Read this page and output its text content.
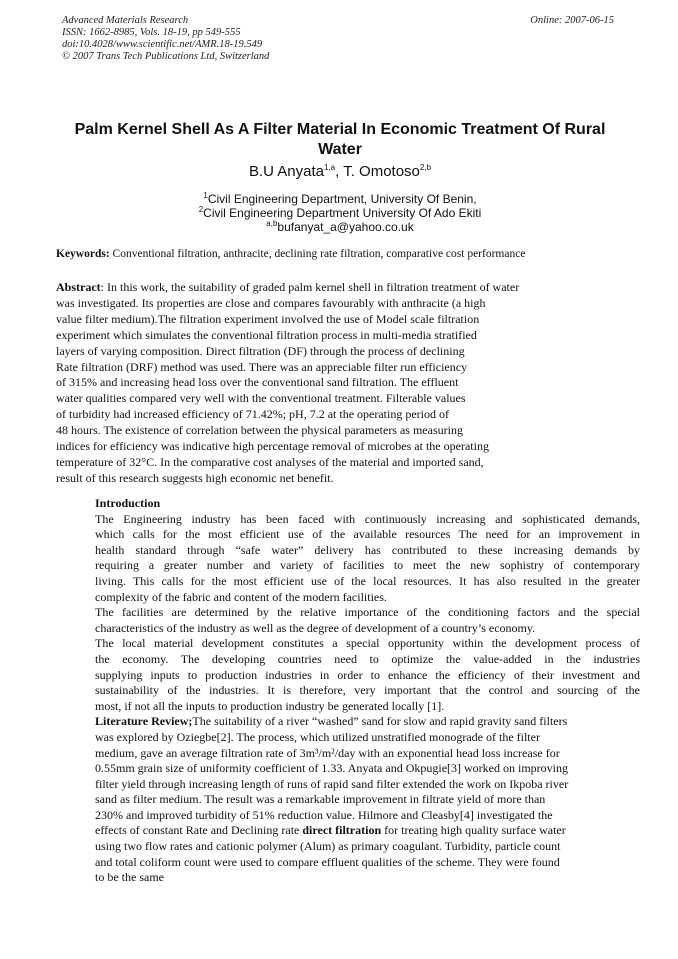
Advanced Materials Research
ISSN: 1662-8985, Vols. 18-19, pp 549-555
doi:10.4028/www.scientific.net/AMR.18-19.549
© 2007 Trans Tech Publications Ltd, Switzerland
Online: 2007-06-15
Palm Kernel Shell As A Filter Material In Economic Treatment Of Rural
Water
B.U Anyata$^{1,a}$, T. Omotoso$^{2,b}$
$^1$Civil Engineering Department, University Of Benin,
$^2$Civil Engineering Department University Of Ado Ekiti
$^{a,b}$bufanyat_a@yahoo.co.uk
Keywords: Conventional filtration, anthracite, declining rate filtration, comparative cost performance
Abstract: In this work, the suitability of graded palm kernel shell in filtration treatment of water
was investigated. Its properties are close and compares favourably with anthracite (a high
value filter medium).The filtration experiment involved the use of Model scale filtration
experiment which simulates the conventional filtration process in multi-media stratified
layers of varying composition. Direct filtration (DF) through the process of declining
Rate filtration (DRF) method was used. There was an appreciable filter run efficiency
of 315% and increasing head loss over the conventional sand filtration. The effluent
water qualities compared very well with the conventional treatment. Filterable values
of turbidity had increased efficiency of 71.42%; pH, 7.2 at the operating period of
48 hours. The existence of correlation between the physical parameters as measuring
indices for efficiency was indicative high percentage removal of microbes at the operating
temperature of 32°C. In the comparative cost analyses of the material and imported sand,
result of this research suggests high economic net benefit.
Introduction
The Engineering industry has been faced with continuously increasing and sophisticated demands,
which calls for the most efficient use of the available resources The need for an improvement in
health standard through “safe water” delivery has contributed to these increasing demands by
requiring a greater number and variety of facilities to meet the new sophistry of contemporary
living. This calls for the most efficient use of the local resources. It has also resulted in the greater
complexity of the fabric and content of the modern facilities.
The facilities are determined by the relative importance of the conditioning factors and the special
characteristics of the industry as well as the degree of development of a country’s economy.
The local material development constitutes a special opportunity within the development process of
the economy. The developing countries need to optimize the value-added in the industries
supplying inputs to production industries in order to enhance the efficiency of their investment and
sustainability of the industries. It is therefore, very important that the control and sourcing of the
most, if not all the inputs to production industry be generated locally [1].
Literature Review;The suitability of a river “washed” sand for slow and rapid gravity sand filters
was explored by Oziegbe[2]. The process, which utilized unstratified monograde of the filter
medium, gave an average filtration rate of 3m³/m²/day with an exponential head loss increase for
0.55mm grain size of uniformity coefficient of 1.33. Anyata and Okpugie[3] worked on improving
filter yield through increasing length of runs of rapid sand filter extended the work on Ikpoba river
sand as filter medium. The result was a remarkable improvement in filtrate yield of more than
230% and improved turbidity of 51% reduction value. Hilmore and Cleasby[4] investigated the
effects of constant Rate and Declining rate direct filtration for treating high quality surface water
using two flow rates and cationic polymer (Alum) as primary coagulant. Turbidity, particle count
and total coliform count were used to compare effluent qualities of the scheme. They were found
to be the same
